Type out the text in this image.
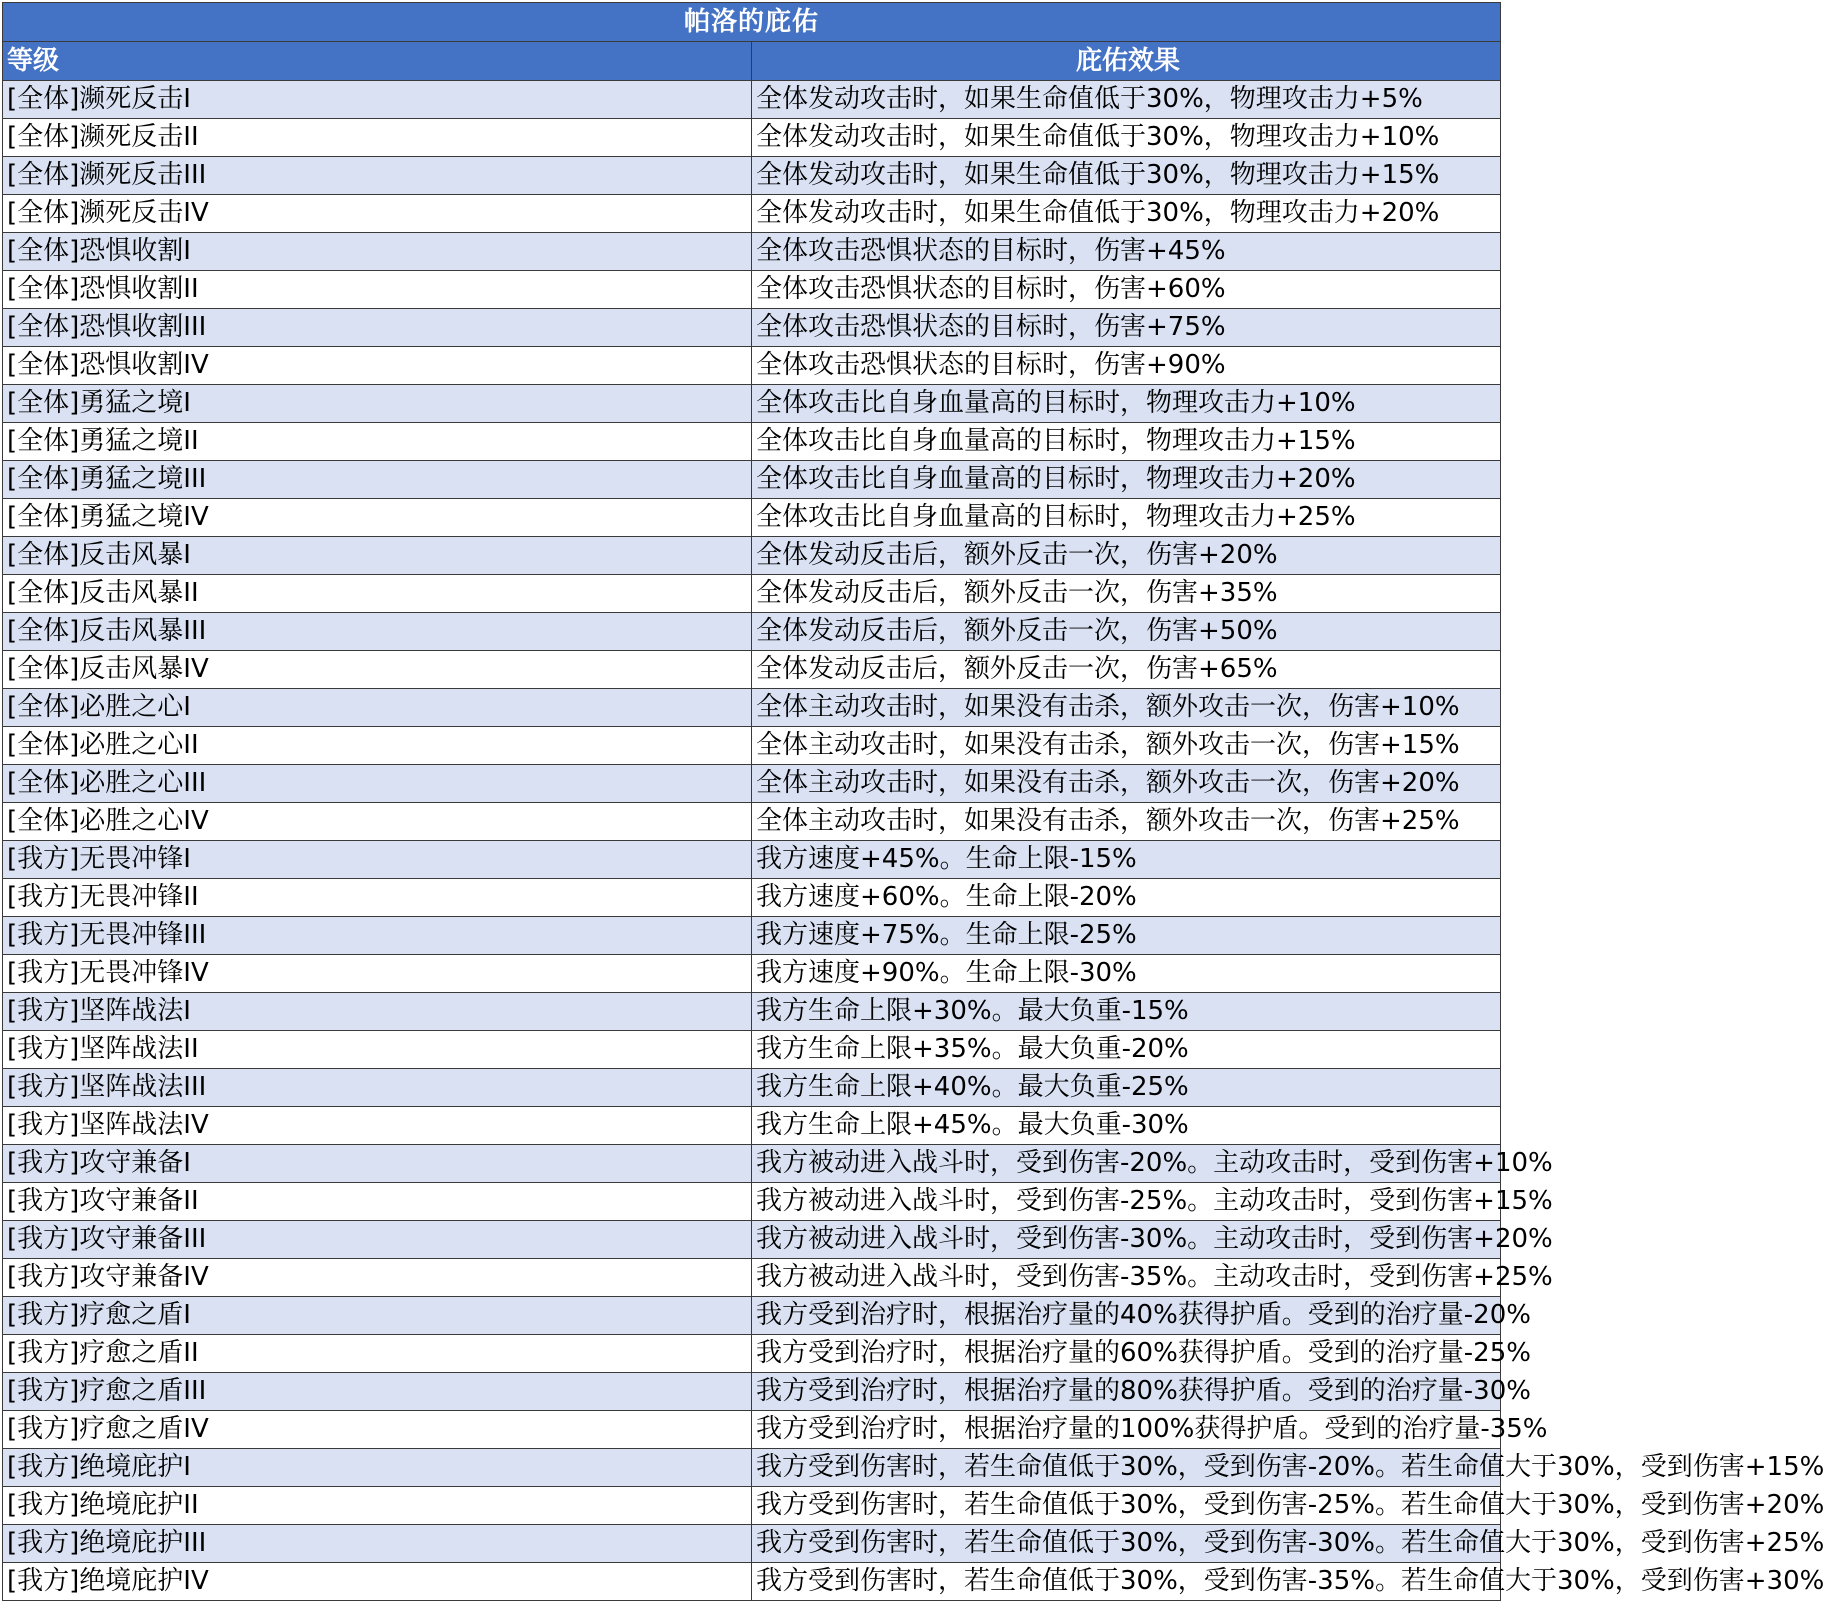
帕洛的庇佑	
等级	庇佑效果
[全体]濒死反击I	全体发动攻击时，如果生命值低于30%，物理攻击力+5%
[全体]濒死反击II	全体发动攻击时，如果生命值低于30%，物理攻击力+10%
[全体]濒死反击III	全体发动攻击时，如果生命值低于30%，物理攻击力+15%
[全体]濒死反击IV	全体发动攻击时，如果生命值低于30%，物理攻击力+20%
[全体]恐惧收割I	全体攻击恐惧状态的目标时，伤害+45%
[全体]恐惧收割II	全体攻击恐惧状态的目标时，伤害+60%
[全体]恐惧收割III	全体攻击恐惧状态的目标时，伤害+75%
[全体]恐惧收割IV	全体攻击恐惧状态的目标时，伤害+90%
[全体]勇猛之境I	全体攻击比自身血量高的目标时，物理攻击力+10%
[全体]勇猛之境II	全体攻击比自身血量高的目标时，物理攻击力+15%
[全体]勇猛之境III	全体攻击比自身血量高的目标时，物理攻击力+20%
[全体]勇猛之境IV	全体攻击比自身血量高的目标时，物理攻击力+25%
[全体]反击风暴I	全体发动反击后，额外反击一次，伤害+20%
[全体]反击风暴II	全体发动反击后，额外反击一次，伤害+35%
[全体]反击风暴III	全体发动反击后，额外反击一次，伤害+50%
[全体]反击风暴IV	全体发动反击后，额外反击一次，伤害+65%
[全体]必胜之心I	全体主动攻击时，如果没有击杀，额外攻击一次，伤害+10%
[全体]必胜之心II	全体主动攻击时，如果没有击杀，额外攻击一次，伤害+15%
[全体]必胜之心III	全体主动攻击时，如果没有击杀，额外攻击一次，伤害+20%
[全体]必胜之心IV	全体主动攻击时，如果没有击杀，额外攻击一次，伤害+25%
[我方]无畏冲锋I	我方速度+45%。生命上限-15%
[我方]无畏冲锋II	我方速度+60%。生命上限-20%
[我方]无畏冲锋III	我方速度+75%。生命上限-25%
[我方]无畏冲锋IV	我方速度+90%。生命上限-30%
[我方]坚阵战法I	我方生命上限+30%。最大负重-15%
[我方]坚阵战法II	我方生命上限+35%。最大负重-20%
[我方]坚阵战法III	我方生命上限+40%。最大负重-25%
[我方]坚阵战法IV	我方生命上限+45%。最大负重-30%
[我方]攻守兼备I	我方被动进入战斗时，受到伤害-20%。主动攻击时，受到伤害+10%
[我方]攻守兼备II	我方被动进入战斗时，受到伤害-25%。主动攻击时，受到伤害+15%
[我方]攻守兼备III	我方被动进入战斗时，受到伤害-30%。主动攻击时，受到伤害+20%
[我方]攻守兼备IV	我方被动进入战斗时，受到伤害-35%。主动攻击时，受到伤害+25%
[我方]疗愈之盾I	我方受到治疗时，根据治疗量的40%获得护盾。受到的治疗量-20%
[我方]疗愈之盾II	我方受到治疗时，根据治疗量的60%获得护盾。受到的治疗量-25%
[我方]疗愈之盾III	我方受到治疗时，根据治疗量的80%获得护盾。受到的治疗量-30%
[我方]疗愈之盾IV	我方受到治疗时，根据治疗量的100%获得护盾。受到的治疗量-35%
[我方]绝境庇护I	我方受到伤害时，若生命值低于30%，受到伤害-20%。若生命值大于30%，受到伤害+15%
[我方]绝境庇护II	我方受到伤害时，若生命值低于30%，受到伤害-25%。若生命值大于30%，受到伤害+20%
[我方]绝境庇护III	我方受到伤害时，若生命值低于30%，受到伤害-30%。若生命值大于30%，受到伤害+25%
[我方]绝境庇护IV	我方受到伤害时，若生命值低于30%，受到伤害-35%。若生命值大于30%，受到伤害+30%
